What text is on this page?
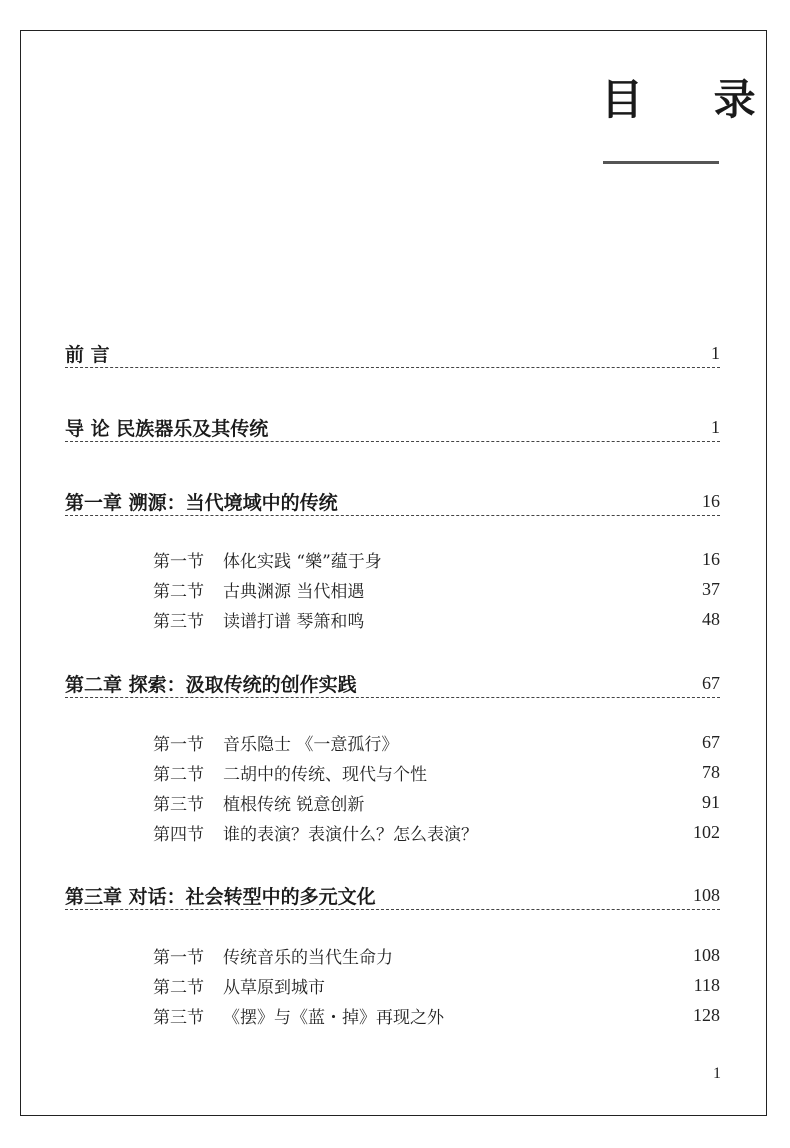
目 录
前 言	1
导 论 民族器乐及其传统	1
第一章 溯源：当代境域中的传统	16
第一节 体化实践 “樂”蕴于身	16
第二节 古典渊源 当代相遇	37
第三节 读谱打谱 琴箫和鸣	48
第二章 探索：汲取传统的创作实践	67
第一节 音乐隐士 《一意孤行》	67
第二节 二胡中的传统、现代与个性	78
第三节 植根传统 锐意创新	91
第四节 谁的表演？表演什么？怎么表演？	102
第三章 对话：社会转型中的多元文化	108
第一节 传统音乐的当代生命力	108
第二节 从草原到城市	118
第三节 《摆》与《蓝・掉》再现之外	128
1
